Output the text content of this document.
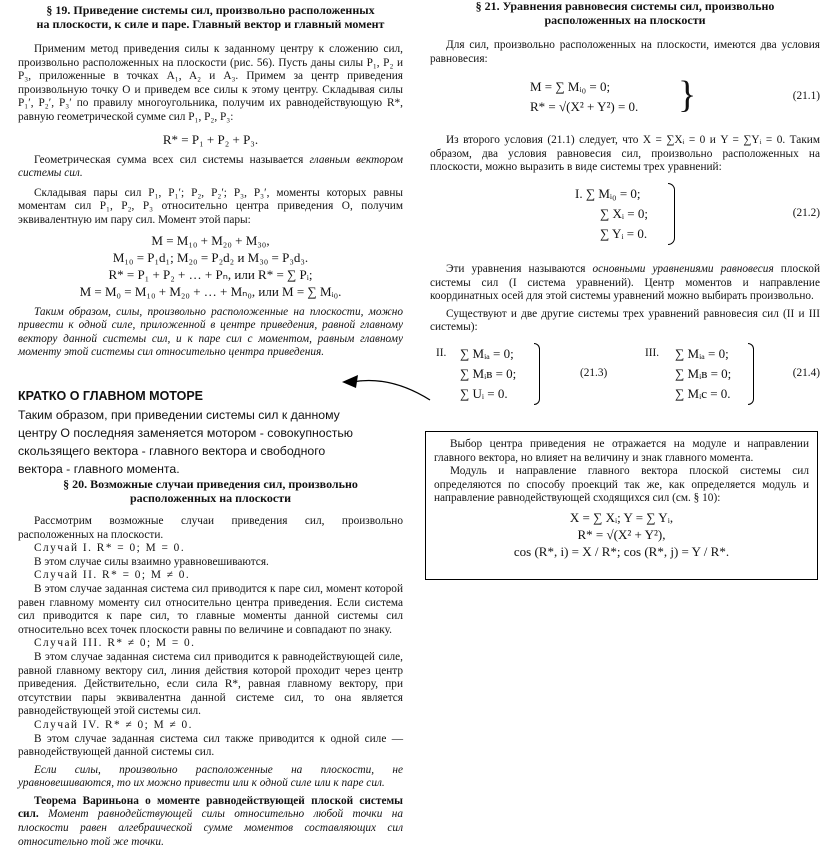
§ 19. Приведение системы сил, произвольно расположенных
на плоскости, к силе и паре. Главный вектор и главный момент

Применим метод приведения силы к заданному центру к сложению сил, произвольно расположенных на плоскости (рис. 56). Пусть даны силы P₁, P₂ и P₃, приложенные в точках A₁, A₂ и A₃. Примем за центр приведения произвольную точку O и приведем все силы к этому центру. Складывая силы P₁′, P₂′, P₃′ по правилу многоугольника, получим их равнодействующую R*, равную геометрической сумме сил P₁, P₂, P₃:

R* = P₁ + P₂ + P₃.

Геометрическая сумма всех сил системы называется главным вектором системы сил.

Складывая пары сил P₁, P₁′; P₂, P₂′; P₃, P₃′, моменты которых равны моментам сил P₁, P₂, P₃ относительно центра приведения O, получим эквивалентную им пару сил. Момент этой пары:

M = M₁₀ + M₂₀ + M₃₀,
M₁₀ = P₁d₁; M₂₀ = P₂d₂ и M₃₀ = P₃d₃.
R* = P₁ + P₂ + … + Pₙ, или R* = ∑ Pᵢ;
M = M₀ = M₁₀ + M₂₀ + … + Mₙ₀, или M = ∑ Mᵢ₀.

Таким образом, силы, произвольно расположенные на плоскости, можно привести к одной силе, приложенной в центре приведения, равной главному вектору данной системы сил, и к паре сил с моментом, равным главному моменту этой системы сил относительно центра приведения.

КРАТКО О ГЛАВНОМ МОТОРЕ
Таким образом, при приведении системы сил к данному
центру О последняя заменяется мотором - совокупностью
скользящего вектора - главного вектора и свободного
вектора - главного момента.
§ 20. Возможные случаи приведения сил, произвольно
расположенных на плоскости

Рассмотрим возможные случаи приведения сил, произвольно расположенных на плоскости.

Случай I. R* = 0; M = 0.

В этом случае силы взаимно уравновешиваются.

Случай II. R* = 0; M ≠ 0.

В этом случае заданная система сил приводится к паре сил, момент которой равен главному моменту сил относительно центра приведения. Если система сил приводится к паре сил, то главные моменты данной системы сил относительно всех точек плоскости равны по величине и совпадают по знаку.

Случай III. R* ≠ 0; M = 0.

В этом случае заданная система сил приводится к равнодействующей силе, равной главному вектору сил, линия действия которой проходит через центр приведения. Действительно, если сила R*, равная главному вектору, при отсутствии пары эквивалентна данной системе сил, то она является равнодействующей этой системы сил.

Случай IV. R* ≠ 0; M ≠ 0.

В этом случае заданная система сил также приводится к одной силе — равнодействующей данной системы сил.

Если силы, произвольно расположенные на плоскости, не уравновешиваются, то их можно привести или к одной силе или к паре сил.

Теорема Вариньона о моменте равнодействующей плоской системы сил. Момент равнодействующей силы относительно любой точки на плоскости равен алгебраической сумме моментов составляющих сил относительно той же точки.

§ 21. Уравнения равновесия системы сил, произвольно
расположенных на плоскости

Для сил, произвольно расположенных на плоскости, имеются два условия равновесия:

M = ∑ Mᵢ₀ = 0;
R* = √(X² + Y²) = 0. }	(21.1)

Из второго условия (21.1) следует, что X = ∑Xᵢ = 0 и Y = ∑Yᵢ = 0. Таким образом, два условия равновесия сил, произвольно расположенных на плоскости, можно выразить в виде системы трех уравнений:

I. ∑ Mᵢ₀ = 0;
∑ Xᵢ = 0;
∑ Yᵢ = 0.
(21.2)

Эти уравнения называются основными уравнениями равновесия плоской системы сил (I система уравнений). Центр моментов и направление координатных осей для этой системы уравнений можно выбирать произвольно.

Существуют и две другие системы трех уравнений равновесия сил (II и III системы):

II. ∑ Mᵢₐ = 0;
∑ Mᵢʙ = 0;
∑ Uᵢ = 0.
(21.3)
III. ∑ Mᵢₐ = 0;
∑ Mᵢʙ = 0;
∑ Mᵢc = 0.
(21.4)

Выбор центра приведения не отражается на модуле и направлении главного вектора, но влияет на величину и знак главного момента.

Модуль и направление главного вектора плоской системы сил определяются по способу проекций так же, как определяется модуль и направление равнодействующей сходящихся сил (см. § 10):

X = ∑ Xᵢ; Y = ∑ Yᵢ,
R* = √(X² + Y²),
cos (R*, i) = X / R*; cos (R*, j) = Y / R*.
